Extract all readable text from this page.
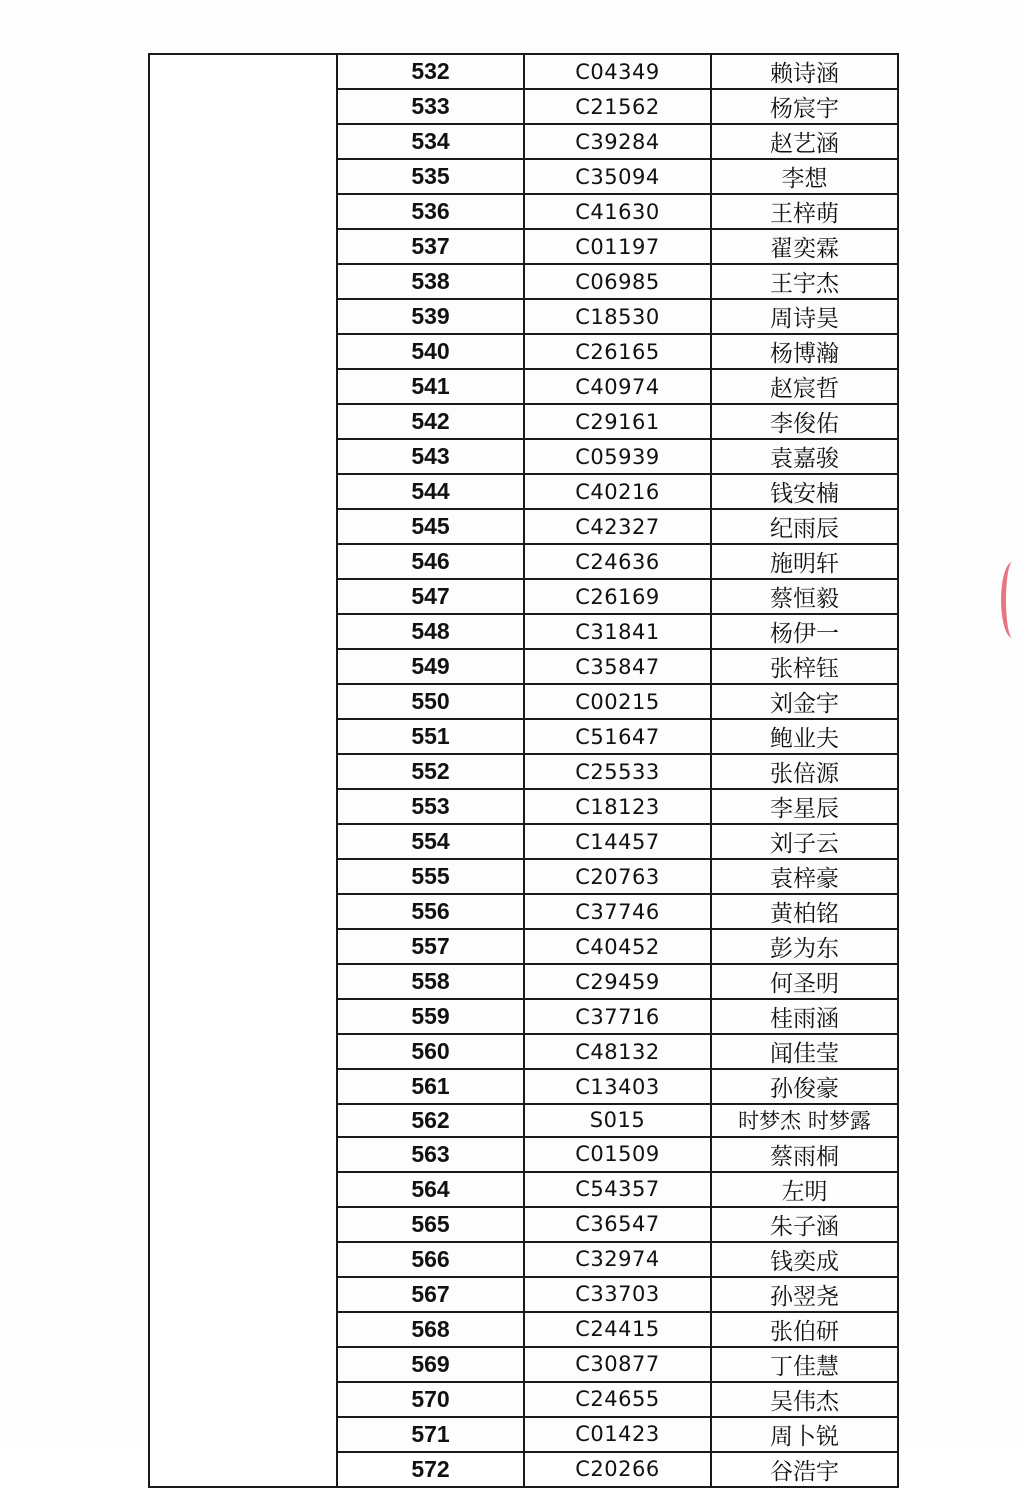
	532	C04349	赖诗涵
	533	C21562	杨宸宇
	534	C39284	赵艺涵
	535	C35094	李想
	536	C41630	王梓萌
	537	C01197	翟奕霖
	538	C06985	王宇杰
	539	C18530	周诗昊
	540	C26165	杨博瀚
	541	C40974	赵宸哲
	542	C29161	李俊佑
	543	C05939	袁嘉骏
	544	C40216	钱安楠
	545	C42327	纪雨辰
	546	C24636	施明轩
	547	C26169	蔡恒毅
	548	C31841	杨伊一
	549	C35847	张梓钰
	550	C00215	刘金宇
	551	C51647	鲍业夫
	552	C25533	张倍源
	553	C18123	李星辰
	554	C14457	刘子云
	555	C20763	袁梓豪
	556	C37746	黄柏铭
	557	C40452	彭为东
	558	C29459	何圣明
	559	C37716	桂雨涵
	560	C48132	闻佳莹
	561	C13403	孙俊豪
	562	S015	时梦杰 时梦露
	563	C01509	蔡雨桐
	564	C54357	左明
	565	C36547	朱子涵
	566	C32974	钱奕成
	567	C33703	孙翌尧
	568	C24415	张伯研
	569	C30877	丁佳慧
	570	C24655	吴伟杰
	571	C01423	周卜锐
	572	C20266	谷浩宇
